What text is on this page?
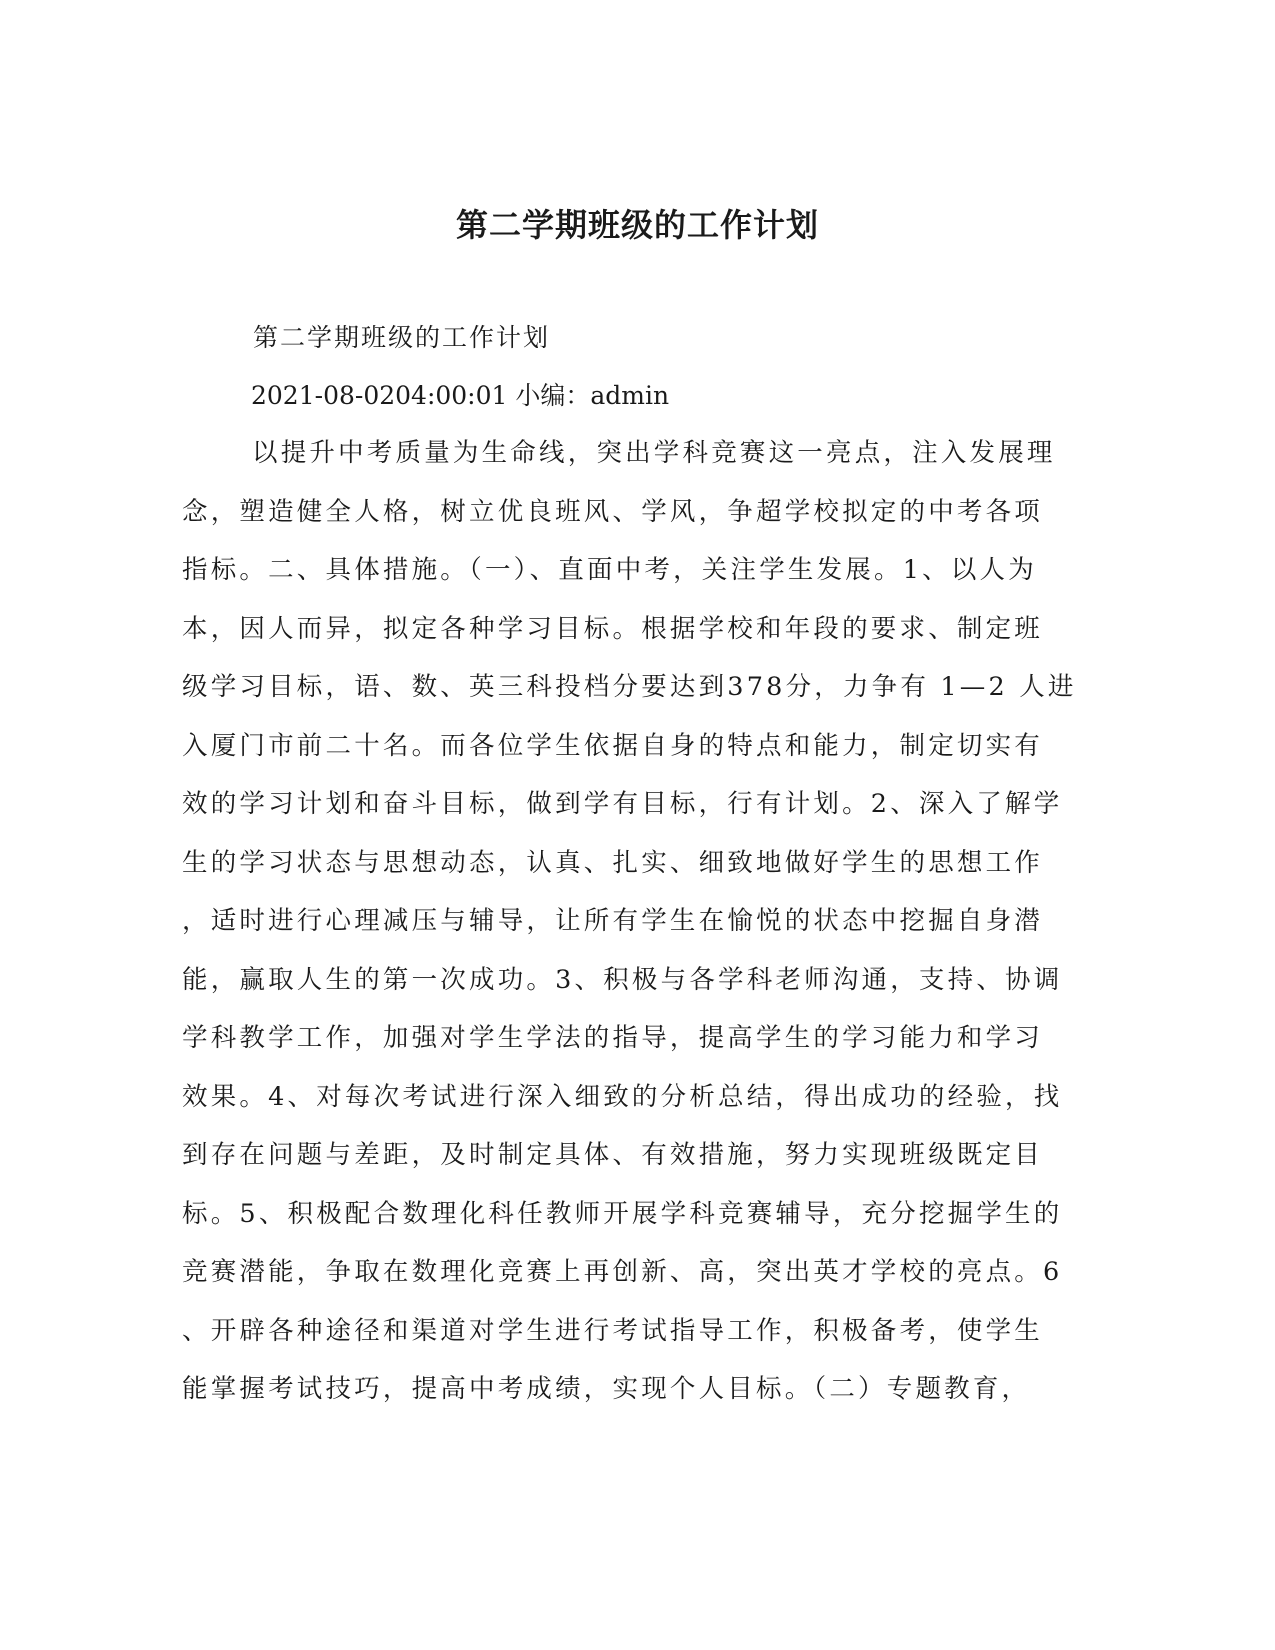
第二学期班级的工作计划
第二学期班级的工作计划
2021-08-0204:00:01 小编：admin
以提升中考质量为生命线，突出学科竞赛这一亮点，注入发展理
念，塑造健全人格，树立优良班风、学风，争超学校拟定的中考各项
指标。二、具体措施。（一）、直面中考，关注学生发展。1、以人为
本，因人而异，拟定各种学习目标。根据学校和年段的要求、制定班
级学习目标，语、数、英三科投档分要达到378分，力争有 1—2 人进
入厦门市前二十名。而各位学生依据自身的特点和能力，制定切实有
效的学习计划和奋斗目标，做到学有目标，行有计划。2、深入了解学
生的学习状态与思想动态，认真、扎实、细致地做好学生的思想工作
，适时进行心理减压与辅导，让所有学生在愉悦的状态中挖掘自身潜
能，赢取人生的第一次成功。3、积极与各学科老师沟通，支持、协调
学科教学工作，加强对学生学法的指导，提高学生的学习能力和学习
效果。4、对每次考试进行深入细致的分析总结，得出成功的经验，找
到存在问题与差距，及时制定具体、有效措施，努力实现班级既定目
标。5、积极配合数理化科任教师开展学科竞赛辅导，充分挖掘学生的
竞赛潜能，争取在数理化竞赛上再创新、高，突出英才学校的亮点。6
、开辟各种途径和渠道对学生进行考试指导工作，积极备考，使学生
能掌握考试技巧，提高中考成绩，实现个人目标。（二）专题教育，
